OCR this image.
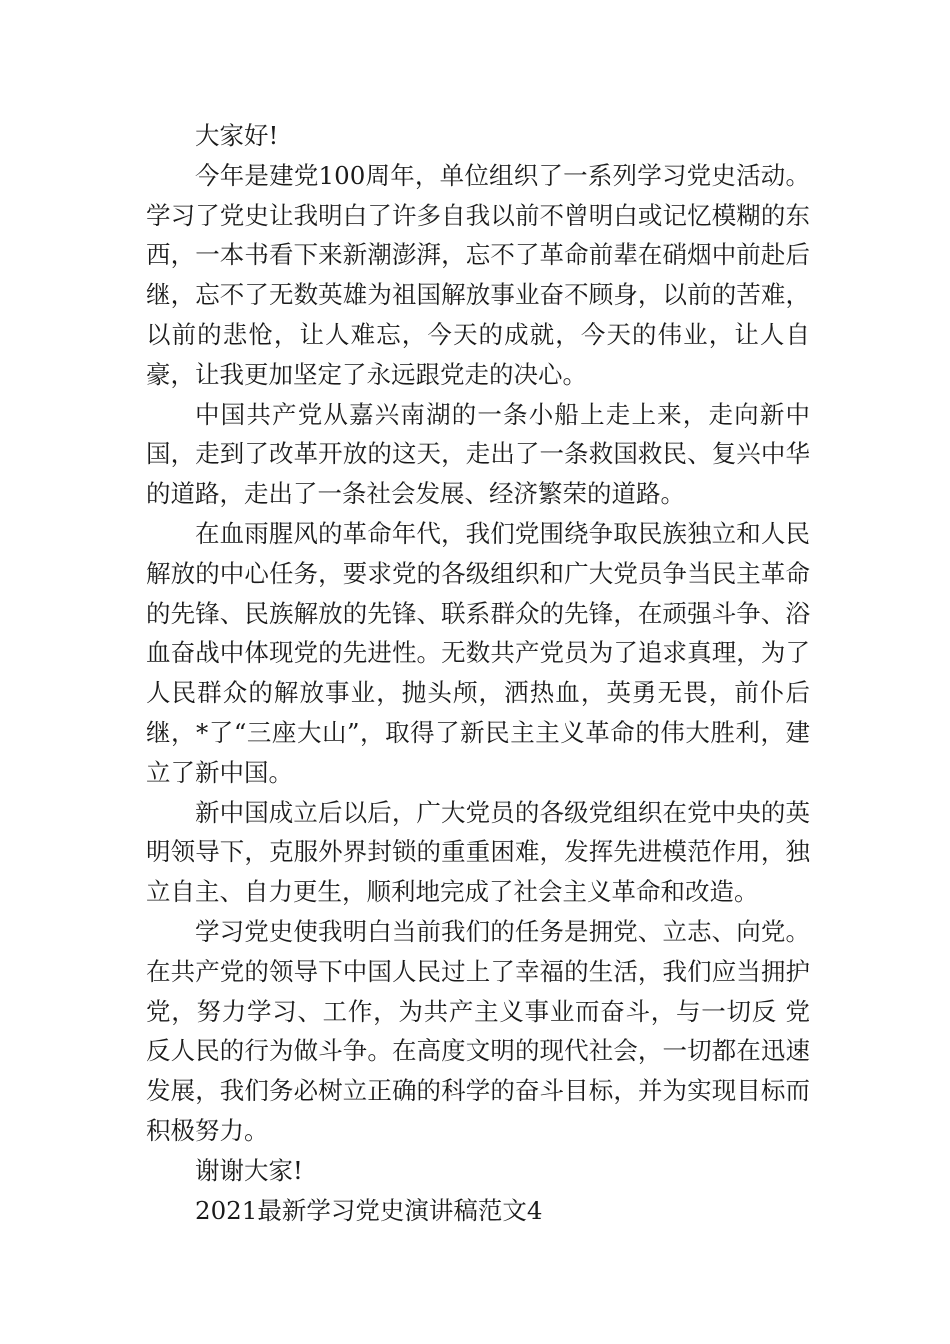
大家好!

今年是建党100周年，单位组织了一系列学习党史活动。学习了党史让我明白了许多自我以前不曾明白或记忆模糊的东西，一本书看下来新潮澎湃，忘不了革命前辈在硝烟中前赴后继，忘不了无数英雄为祖国解放事业奋不顾身，以前的苦难，以前的悲怆，让人难忘，今天的成就，今天的伟业，让人自豪，让我更加坚定了永远跟党走的决心。

中国共产党从嘉兴南湖的一条小船上走上来，走向新中国，走到了改革开放的这天，走出了一条救国救民、复兴中华的道路，走出了一条社会发展、经济繁荣的道路。

在血雨腥风的革命年代，我们党围绕争取民族独立和人民解放的中心任务，要求党的各级组织和广大党员争当民主革命的先锋、民族解放的先锋、联系群众的先锋，在顽强斗争、浴血奋战中体现党的先进性。无数共产党员为了追求真理，为了人民群众的解放事业，抛头颅，洒热血，英勇无畏，前仆后继，*了“三座大山”，取得了新民主主义革命的伟大胜利，建立了新中国。

新中国成立后以后，广大党员的各级党组织在党中央的英明领导下，克服外界封锁的重重困难，发挥先进模范作用，独立自主、自力更生，顺利地完成了社会主义革命和改造。

学习党史使我明白当前我们的任务是拥党、立志、向党。在共产党的领导下中国人民过上了幸福的生活，我们应当拥护党，努力学习、工作，为共产主义事业而奋斗，与一切反 党反人民的行为做斗争。在高度文明的现代社会，一切都在迅速发展，我们务必树立正确的科学的奋斗目标，并为实现目标而积极努力。

谢谢大家!

2021最新学习党史演讲稿范文4
